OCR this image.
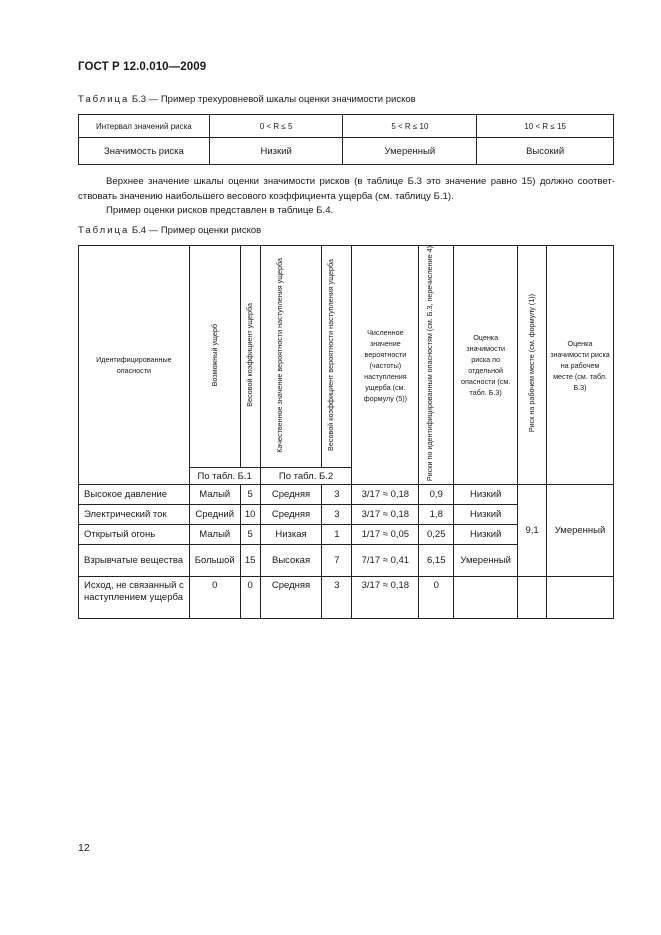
ГОСТ Р 12.0.010—2009
Таблица Б.3 — Пример трехуровневой шкалы оценки значимости рисков
Интервал значений риска	0 < R ≤ 5	5 < R ≤ 10	10 < R ≤ 15
Значимость риска	Низкий	Умеренный	Высокий

Верхнее значение шкалы оценки значимости рисков (в таблице Б.3 это значение равно 15) должно соответ-

ствовать значению наибольшего весового коэффициента ущерба (см. таблицу Б.1).

Пример оценки рисков представлен в таблице Б.4.

Таблица Б.4 — Пример оценки рисков
Идентифицированные опасности	Возможный ущерб	Весовой коэффициент ущерба	Качественное значение вероятности наступления ущерба	Весовой коэффициент вероятности наступления ущерба	Численное значение вероятности (частоты) наступления ущерба (см. формулу (5))	Риски по идентифицированным опасностям (см. Б.3, перечисление 4)	Оценка значимости риска по отдельной опасности (см. табл. Б.3)	Риск на рабочем месте (см. формулу (1))	Оценка значимости риска на рабочем месте (см. табл. Б.3)
	По табл. Б.1		По табл. Б.2						
Высокое давление	Малый	5	Средняя	3	3/17 ≈ 0,18	0,9	Низкий	9,1	Умеренный
Электрический ток	Средний	10	Средняя	3	3/17 ≈ 0,18	1,8	Низкий		
Открытый огонь	Малый	5	Низкая	1	1/17 ≈ 0,05	0,25	Низкий		
Взрывчатые вещества	Большой	15	Высокая	7	7/17 ≈ 0,41	6,15	Умеренный		
Исход, не связанный с наступлением ущерба	0	0	Средняя	3	3/17 ≈ 0,18	0			
12
